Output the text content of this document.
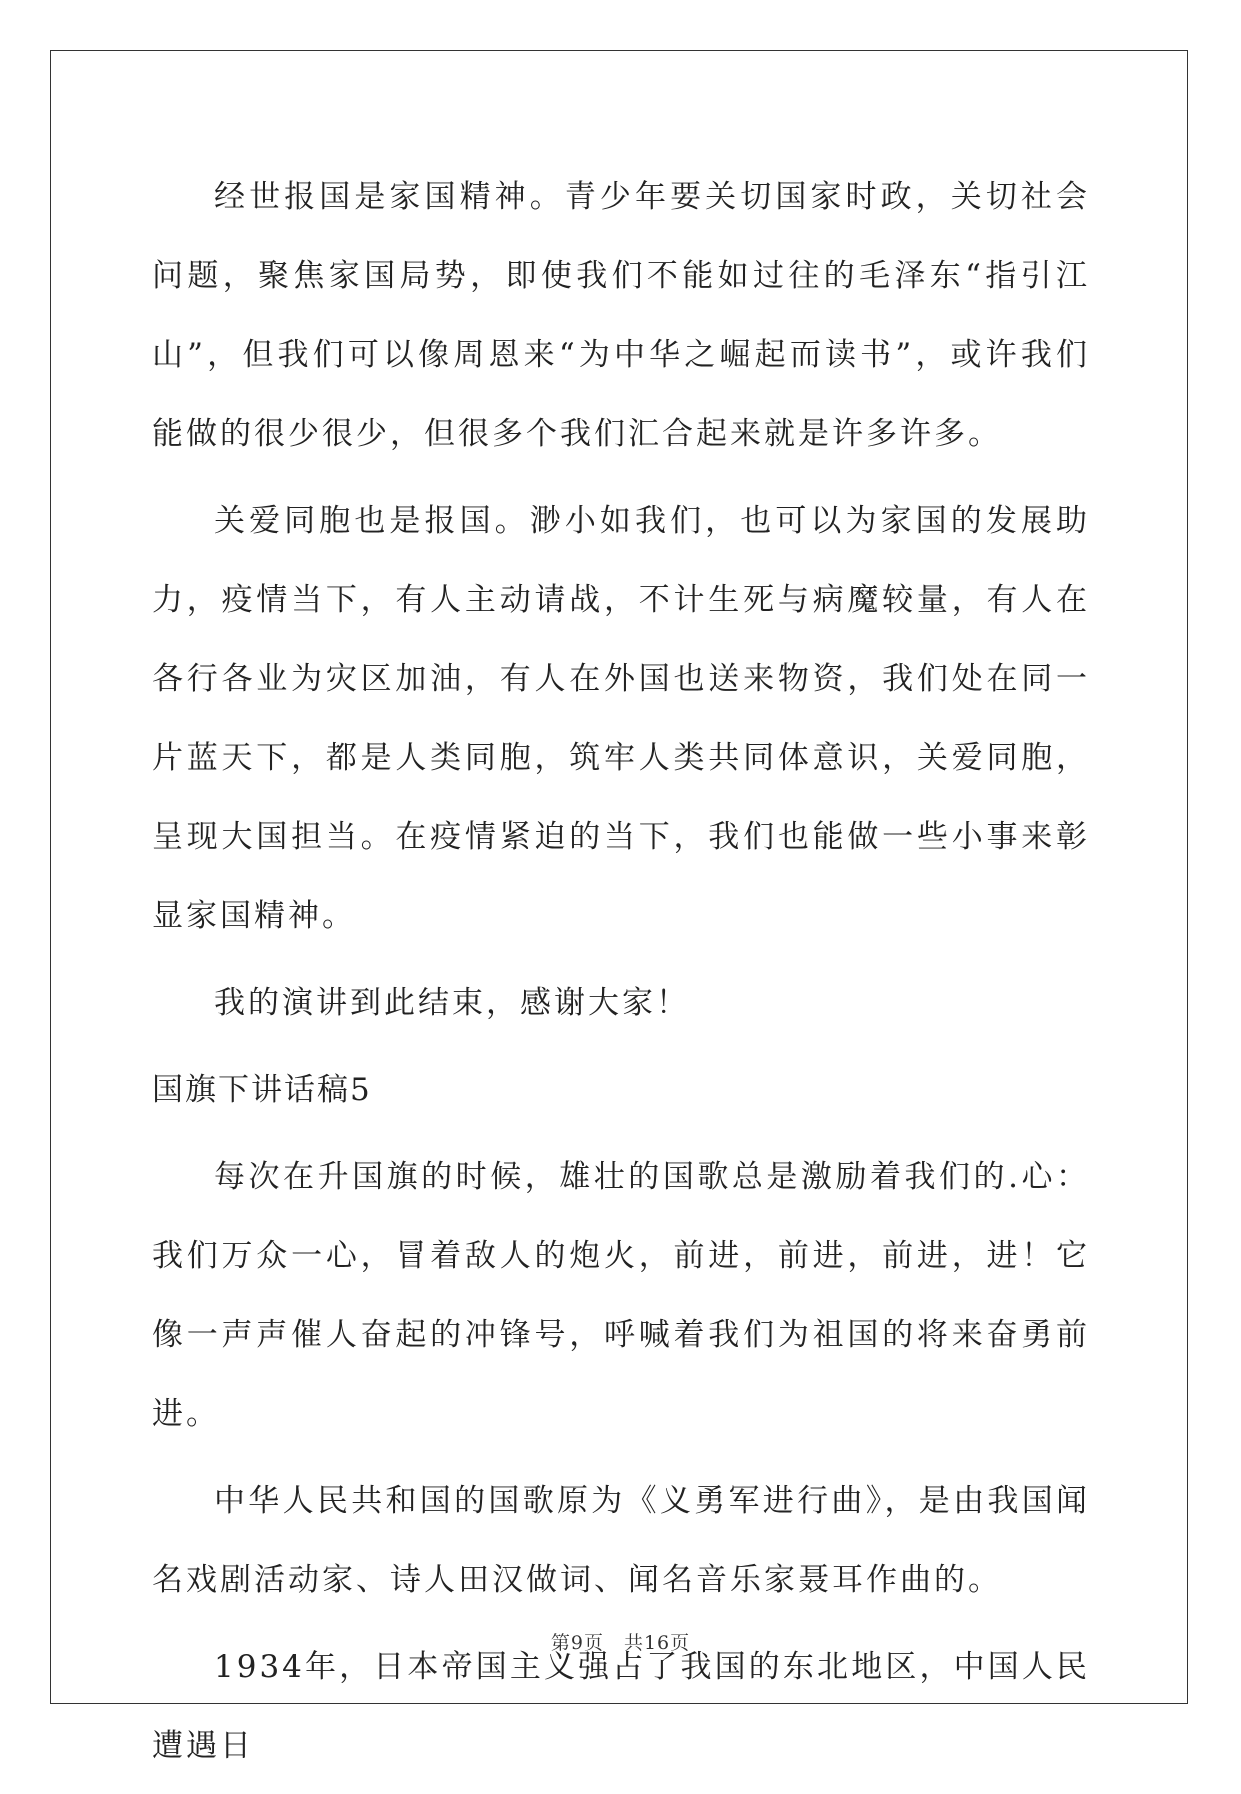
经世报国是家国精神。青少年要关切国家时政，关切社会问题，聚焦家国局势，即使我们不能如过往的毛泽东“指引江山”，但我们可以像周恩来“为中华之崛起而读书”，或许我们能做的很少很少，但很多个我们汇合起来就是许多许多。

关爱同胞也是报国。渺小如我们，也可以为家国的发展助力，疫情当下，有人主动请战，不计生死与病魔较量，有人在各行各业为灾区加油，有人在外国也送来物资，我们处在同一片蓝天下，都是人类同胞，筑牢人类共同体意识，关爱同胞，呈现大国担当。在疫情紧迫的当下，我们也能做一些小事来彰显家国精神。

我的演讲到此结束，感谢大家！

国旗下讲话稿5

每次在升国旗的时候，雄壮的国歌总是激励着我们的.心：我们万众一心，冒着敌人的炮火，前进，前进，前进，进！它像一声声催人奋起的冲锋号，呼喊着我们为祖国的将来奋勇前进。

中华人民共和国的国歌原为《义勇军进行曲》，是由我国闻名戏剧活动家、诗人田汉做词、闻名音乐家聂耳作曲的。

1934年，日本帝国主义强占了我国的东北地区，中国人民遭遇日

第9页　共16页
